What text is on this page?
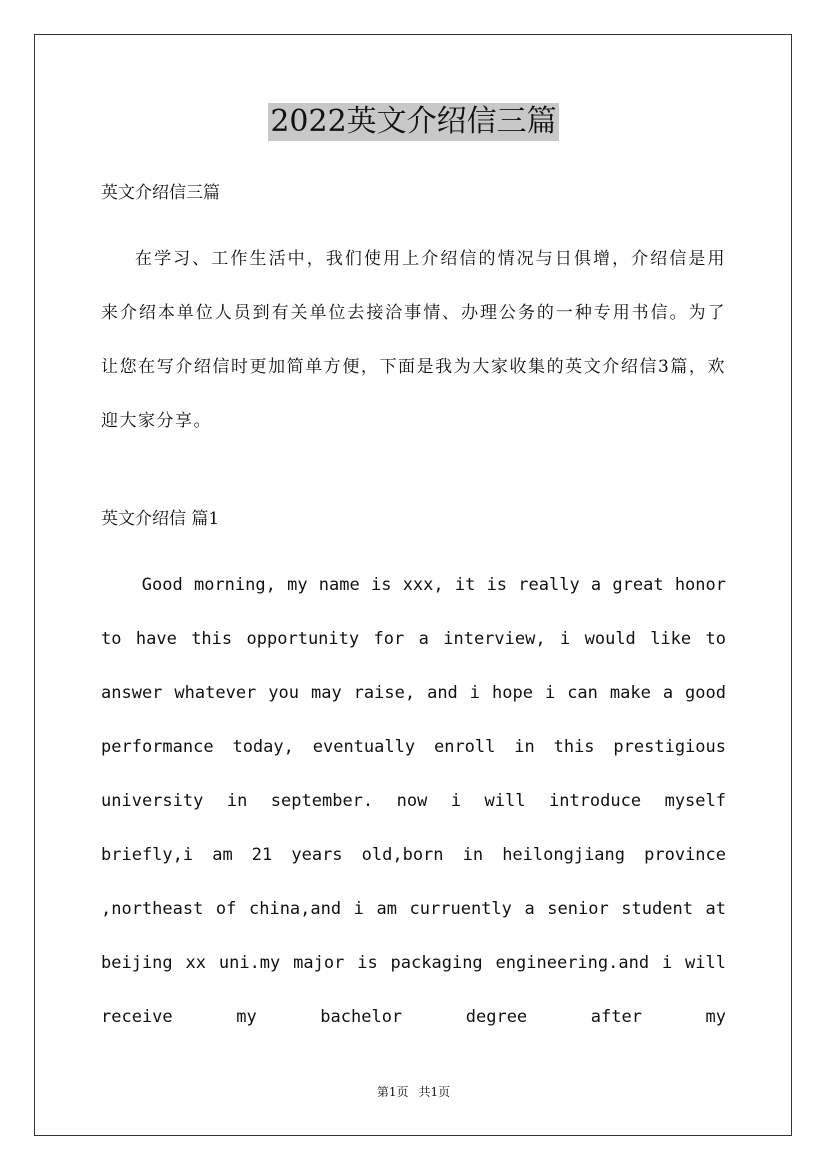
2022英文介绍信三篇

英文介绍信三篇

在学习、工作生活中，我们使用上介绍信的情况与日俱增，介绍信是用来介绍本单位人员到有关单位去接洽事情、办理公务的一种专用书信。为了让您在写介绍信时更加简单方便，下面是我为大家收集的英文介绍信3篇，欢迎大家分享。

英文介绍信 篇1

Good morning, my name is xxx, it is really a great honor to have this opportunity for a interview, i would like to answer whatever you may raise, and i hope i can make a good performance today, eventually enroll in this prestigious university in september. now i will introduce myself briefly,i am 21 years old,born in heilongjiang province ,northeast of china,and i am curruently a senior student at beijing xx uni.my major is packaging engineering.and i will receive my bachelor degree after my

第1页 共1页
